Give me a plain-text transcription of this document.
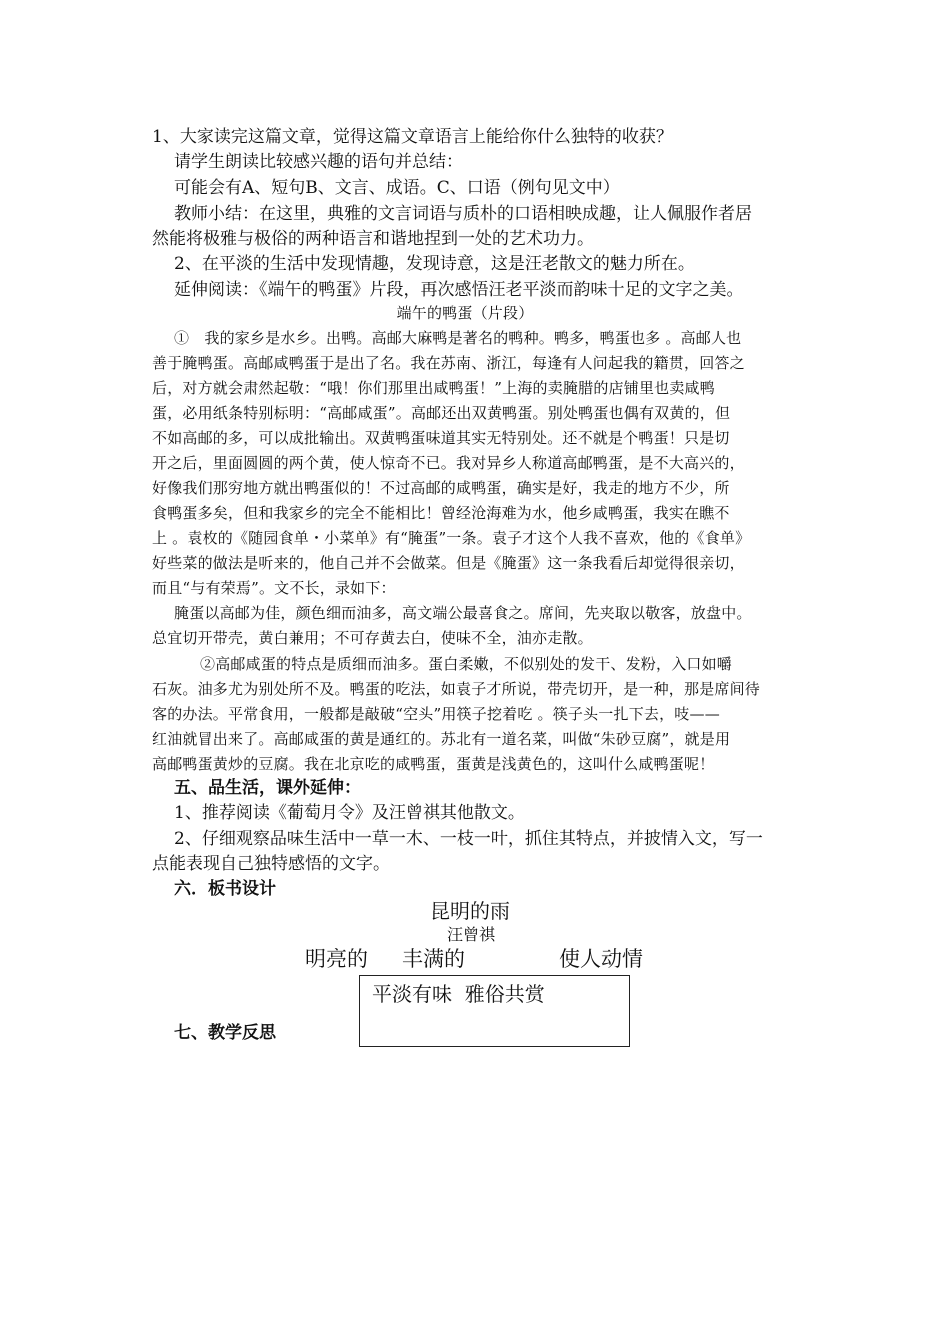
1、大家读完这篇文章，觉得这篇文章语言上能给你什么独特的收获？
请学生朗读比较感兴趣的语句并总结：
可能会有A、短句B、文言、成语。C、口语（例句见文中）
教师小结：在这里，典雅的文言词语与质朴的口语相映成趣，让人佩服作者居
然能将极雅与极俗的两种语言和谐地捏到一处的艺术功力。
2、在平淡的生活中发现情趣，发现诗意，这是汪老散文的魅力所在。
延伸阅读：《端午的鸭蛋》片段，再次感悟汪老平淡而韵味十足的文字之美。
端午的鸭蛋（片段）
①　我的家乡是水乡。出鸭。高邮大麻鸭是著名的鸭种。鸭多，鸭蛋也多 。高邮人也
善于腌鸭蛋。高邮咸鸭蛋于是出了名。我在苏南、浙江，每逢有人问起我的籍贯，回答之
后，对方就会肃然起敬：“哦！你们那里出咸鸭蛋！”上海的卖腌腊的店铺里也卖咸鸭
蛋，必用纸条特别标明：“高邮咸蛋”。高邮还出双黄鸭蛋。别处鸭蛋也偶有双黄的，但
不如高邮的多，可以成批输出。双黄鸭蛋味道其实无特别处。还不就是个鸭蛋！只是切
开之后，里面圆圆的两个黄，使人惊奇不已。我对异乡人称道高邮鸭蛋，是不大高兴的，
好像我们那穷地方就出鸭蛋似的！不过高邮的咸鸭蛋，确实是好，我走的地方不少，所
食鸭蛋多矣，但和我家乡的完全不能相比！曾经沧海难为水，他乡咸鸭蛋，我实在瞧不
上 。袁枚的《随园食单・小菜单》有“腌蛋”一条。袁子才这个人我不喜欢，他的《食单》
好些菜的做法是听来的，他自己并不会做菜。但是《腌蛋》这一条我看后却觉得很亲切，
而且“与有荣焉”。文不长，录如下：
腌蛋以高邮为佳，颜色细而油多，高文端公最喜食之。席间，先夹取以敬客，放盘中。
总宜切开带壳，黄白兼用；不可存黄去白，使味不全，油亦走散。
②高邮咸蛋的特点是质细而油多。蛋白柔嫩，不似别处的发干、发粉，入口如嚼
石灰。油多尤为别处所不及。鸭蛋的吃法，如袁子才所说，带壳切开，是一种，那是席间待
客的办法。平常食用，一般都是敲破“空头”用筷子挖着吃 。筷子头一扎下去，吱——
红油就冒出来了。高邮咸蛋的黄是通红的。苏北有一道名菜，叫做“朱砂豆腐”，就是用
高邮鸭蛋黄炒的豆腐。我在北京吃的咸鸭蛋，蛋黄是浅黄色的，这叫什么咸鸭蛋呢！
五、品生活，课外延伸：
1、推荐阅读《葡萄月令》及汪曾祺其他散文。
2、仔细观察品味生活中一草一木、一枝一叶，抓住其特点，并披情入文，写一
点能表现自己独特感悟的文字。
六．板书设计
昆明的雨
汪曾祺
明亮的 丰满的	使人动情
平淡有味  雅俗共赏
七、教学反思
